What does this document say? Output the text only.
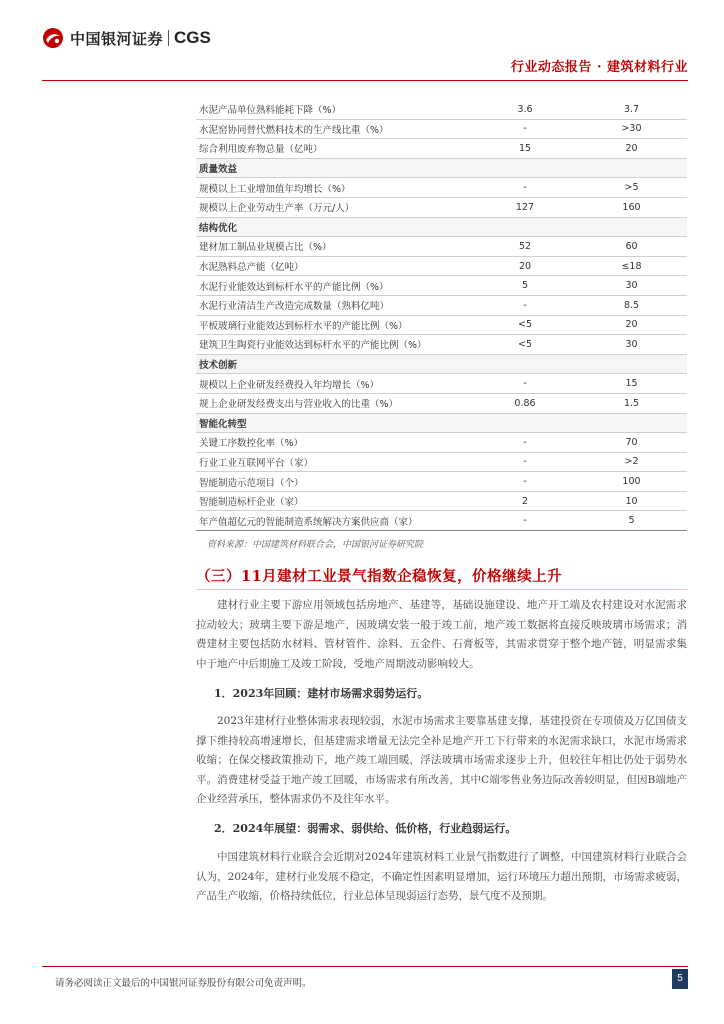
中国银河证券 CGS
行业动态报告 · 建筑材料行业
水泥产品单位熟料能耗下降（%）	3.6	3.7
水泥窑协同替代燃料技术的生产线比重（%）	-	>30
综合利用废弃物总量（亿吨）	15	20
质量效益		
规模以上工业增加值年均增长（%）	-	>5
规模以上企业劳动生产率（万元/人）	127	160
结构优化		
建材加工制品业规模占比（%）	52	60
水泥熟料总产能（亿吨）	20	≤18
水泥行业能效达到标杆水平的产能比例（%）	5	30
水泥行业清洁生产改造完成数量（熟料亿吨）	-	8.5
平板玻璃行业能效达到标杆水平的产能比例（%）	<5	20
建筑卫生陶瓷行业能效达到标杆水平的产能比例（%）	<5	30
技术创新		
规模以上企业研发经费投入年均增长（%）	-	15
规上企业研发经费支出与营业收入的比重（%）	0.86	1.5
智能化转型		
关键工序数控化率（%）	-	70
行业工业互联网平台（家）	-	>2
智能制造示范项目（个）	-	100
智能制造标杆企业（家）	2	10
年产值超亿元的智能制造系统解决方案供应商（家）	-	5
资料来源：中国建筑材料联合会，中国银河证券研究院
（三）11月建材工业景气指数企稳恢复，价格继续上升

建材行业主要下游应用领域包括房地产、基建等，基础设施建设、地产开工端及农村建设对水泥需求拉动较大；玻璃主要下游是地产，因玻璃安装一般于竣工前，地产竣工数据将直接反映玻璃市场需求；消费建材主要包括防水材料、管材管件、涂料、五金件、石膏板等，其需求贯穿于整个地产链，明显需求集中于地产中后期施工及竣工阶段，受地产周期波动影响较大。

1．2023年回顾：建材市场需求弱势运行。

2023年建材行业整体需求表现较弱，水泥市场需求主要靠基建支撑，基建投资在专项债及万亿国债支撑下维持较高增速增长，但基建需求增量无法完全补足地产开工下行带来的水泥需求缺口，水泥市场需求收缩；在保交楼政策推动下，地产竣工端回暖，浮法玻璃市场需求逐步上升，但较往年相比仍处于弱势水平。消费建材受益于地产竣工回暖，市场需求有所改善，其中C端零售业务边际改善较明显，但因B端地产企业经营承压，整体需求仍不及往年水平。

2．2024年展望：弱需求、弱供给、低价格，行业趋弱运行。

中国建筑材料行业联合会近期对2024年建筑材料工业景气指数进行了调整，中国建筑材料行业联合会认为，2024年，建材行业发展不稳定，不确定性因素明显增加，运行环境压力超出预期，市场需求疲弱，产品生产收缩，价格持续低位，行业总体呈现弱运行态势，景气度不及预期。

请务必阅读正文最后的中国银河证券股份有限公司免责声明。	5
